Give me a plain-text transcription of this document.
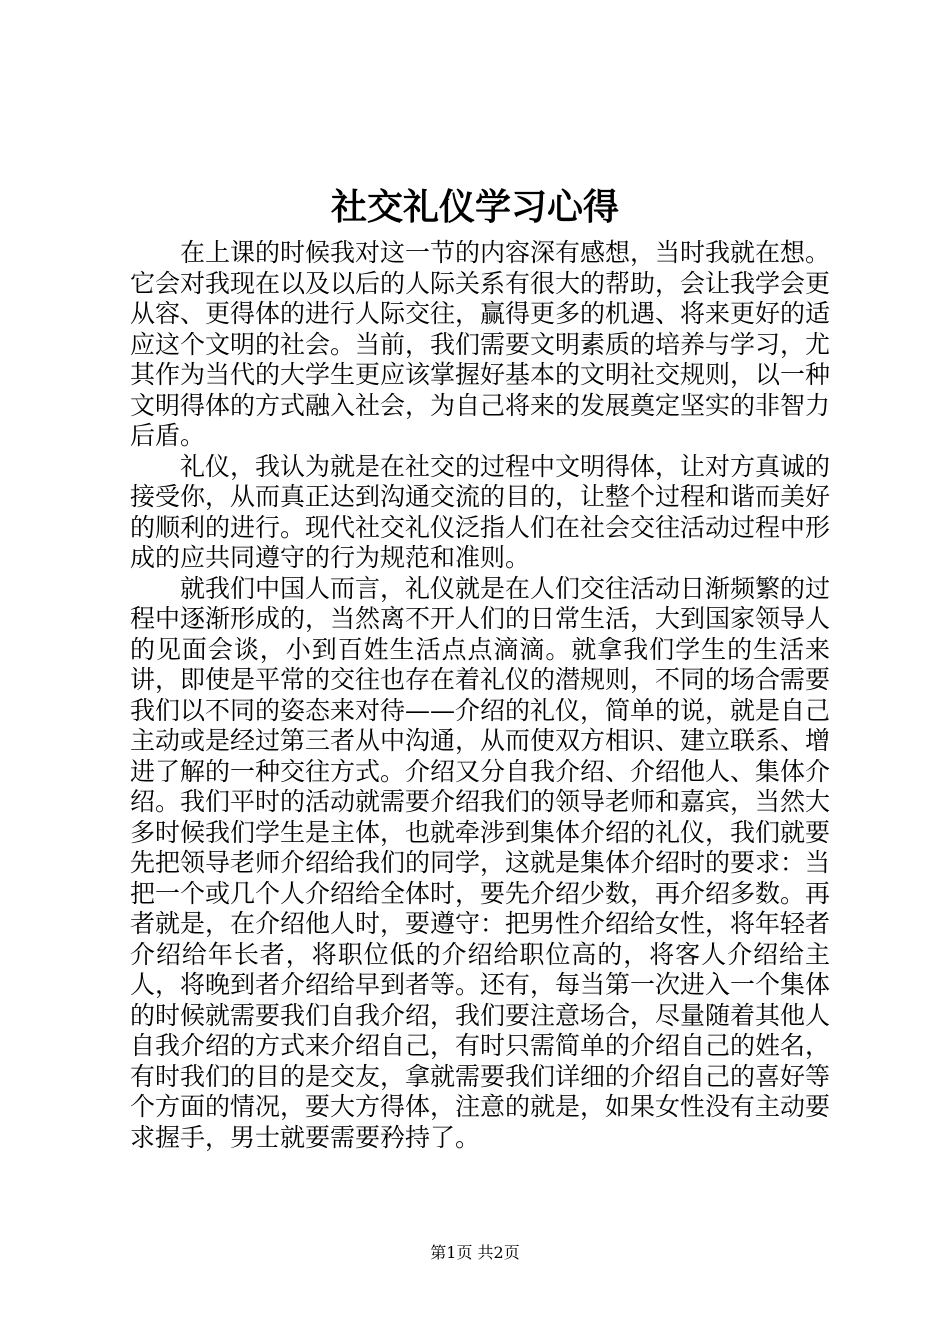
社交礼仪学习心得

在上课的时候我对这一节的内容深有感想，当时我就在想。它会对我现在以及以后的人际关系有很大的帮助，会让我学会更从容、更得体的进行人际交往，赢得更多的机遇、将来更好的适应这个文明的社会。当前，我们需要文明素质的培养与学习，尤其作为当代的大学生更应该掌握好基本的文明社交规则，以一种文明得体的方式融入社会，为自己将来的发展奠定坚实的非智力后盾。

礼仪，我认为就是在社交的过程中文明得体，让对方真诚的接受你，从而真正达到沟通交流的目的，让整个过程和谐而美好的顺利的进行。现代社交礼仪泛指人们在社会交往活动过程中形成的应共同遵守的行为规范和准则。

就我们中国人而言，礼仪就是在人们交往活动日渐频繁的过程中逐渐形成的，当然离不开人们的日常生活，大到国家领导人的见面会谈，小到百姓生活点点滴滴。就拿我们学生的生活来讲，即使是平常的交往也存在着礼仪的潜规则，不同的场合需要我们以不同的姿态来对待——介绍的礼仪，简单的说，就是自己主动或是经过第三者从中沟通，从而使双方相识、建立联系、增进了解的一种交往方式。介绍又分自我介绍、介绍他人、集体介绍。我们平时的活动就需要介绍我们的领导老师和嘉宾，当然大多时候我们学生是主体，也就牵涉到集体介绍的礼仪，我们就要先把领导老师介绍给我们的同学，这就是集体介绍时的要求：当把一个或几个人介绍给全体时，要先介绍少数，再介绍多数。再者就是，在介绍他人时，要遵守：把男性介绍给女性，将年轻者介绍给年长者，将职位低的介绍给职位高的，将客人介绍给主人，将晚到者介绍给早到者等。还有，每当第一次进入一个集体的时候就需要我们自我介绍，我们要注意场合，尽量随着其他人自我介绍的方式来介绍自己，有时只需简单的介绍自己的姓名，有时我们的目的是交友，拿就需要我们详细的介绍自己的喜好等个方面的情况，要大方得体，注意的就是，如果女性没有主动要求握手，男士就要需要矜持了。

第1页 共2页
